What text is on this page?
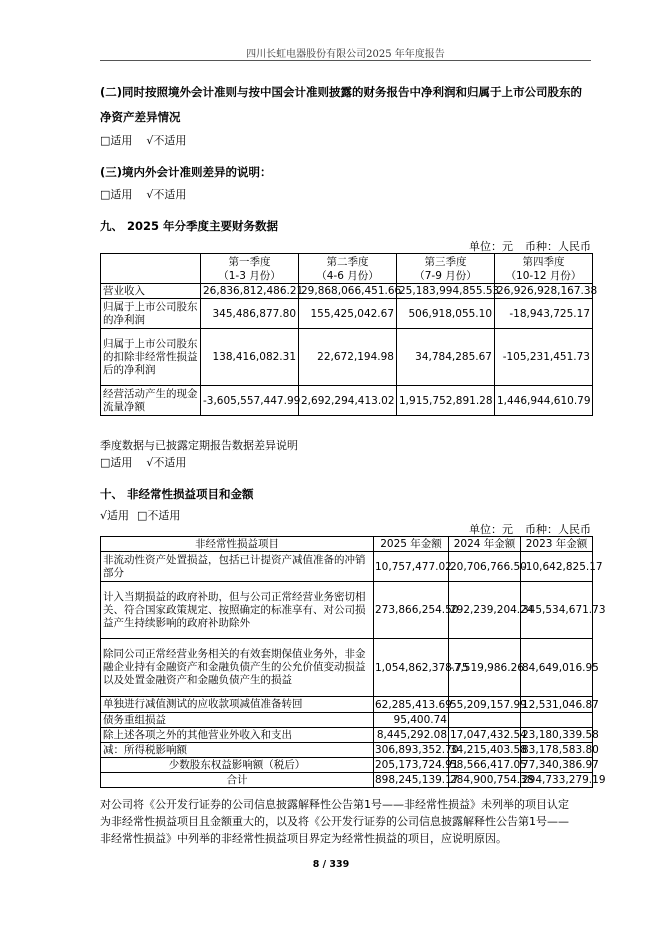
四川长虹电器股份有限公司2025 年年度报告
(二)同时按照境外会计准则与按中国会计准则披露的财务报告中净利润和归属于上市公司股东的
净资产差异情况
□适用 √不适用
(三)境内外会计准则差异的说明：
□适用 √不适用
九、 2025 年分季度主要财务数据
单位：元 币种：人民币
	第一季度
（1-3 月份）	第二季度
（4-6 月份）	第三季度
（7-9 月份）	第四季度
（10-12 月份）
营业收入	26,836,812,486.21	29,868,066,451.66	25,183,994,855.53	26,926,928,167.38
归属于上市公司股东的净利润	345,486,877.80	155,425,042.67	506,918,055.10	-18,943,725.17
归属于上市公司股东的扣除非经常性损益后的净利润	138,416,082.31	22,672,194.98	34,784,285.67	-105,231,451.73
经营活动产生的现金流量净额	-3,605,557,447.99	2,692,294,413.02	1,915,752,891.28	1,446,944,610.79
季度数据与已披露定期报告数据差异说明
□适用 √不适用
十、 非经常性损益项目和金额
√适用 □不适用
单位：元 币种：人民币
非经常性损益项目	2025 年金额	2024 年金额	2023 年金额
非流动性资产处置损益，包括已计提资产减值准备的冲销部分	10,757,477.02	20,706,766.50	-10,642,825.17
计入当期损益的政府补助，但与公司正常经营业务密切相关、符合国家政策规定、按照确定的标准享有、对公司损益产生持续影响的政府补助除外	273,866,254.50	292,239,204.24	345,534,671.73
除同公司正常经营业务相关的有效套期保值业务外，非金融企业持有金融资产和金融负债产生的公允价值变动损益以及处置金融资产和金融负债产生的损益	1,054,862,378.75	-7,519,986.26	84,649,016.95
单独进行减值测试的应收款项减值准备转回	62,285,413.69	55,209,157.99	12,531,046.87
债务重组损益	95,400.74		
除上述各项之外的其他营业外收入和支出	8,445,292.08	17,047,432.54	23,180,339.58
减：所得税影响额	306,893,352.70	34,215,403.58	83,178,583.80
少数股东权益影响额（税后）	205,173,724.91	58,566,417.05	77,340,386.97
合计	898,245,139.17	284,900,754.38	294,733,279.19
对公司将《公开发行证券的公司信息披露解释性公告第1号——非经常性损益》未列举的项目认定
为非经常性损益项目且金额重大的，以及将《公开发行证券的公司信息披露解释性公告第1号——
非经常性损益》中列举的非经常性损益项目界定为经常性损益的项目，应说明原因。
8 / 339
